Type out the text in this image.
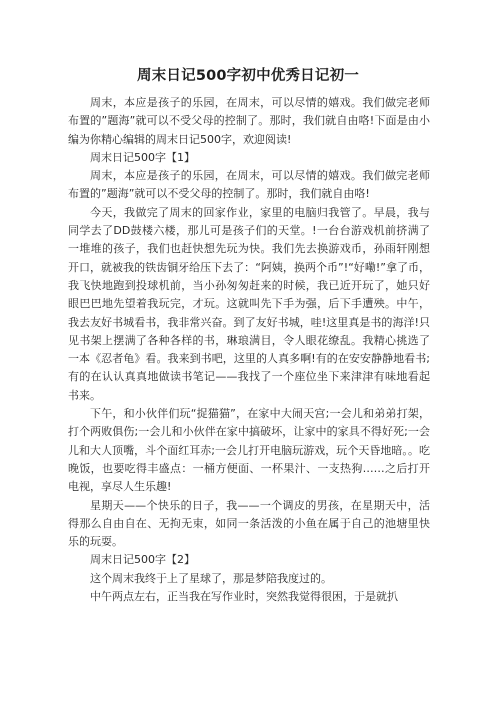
周末日记500字初中优秀日记初一

周末，本应是孩子的乐园，在周末，可以尽情的嬉戏。我们做完老师布置的”题海”就可以不受父母的控制了。那时，我们就自由咯!下面是由小编为你精心编辑的周末日记500字，欢迎阅读!

周末日记500字【1】

周末，本应是孩子的乐园，在周末，可以尽情的嬉戏。我们做完老师布置的”题海”就可以不受父母的控制了。那时，我们就自由咯!

今天，我做完了周末的回家作业，家里的电脑归我管了。早晨，我与同学去了DD鼓楼六楼，那儿可是孩子们的天堂。!一台台游戏机前挤满了一堆堆的孩子，我们也赶快想先玩为快。我们先去换游戏币，孙雨轩刚想开口，就被我的铁齿铜牙给压下去了：“阿姨，换两个币”!“好嘞!”拿了币，我飞快地跑到投球机前，当小孙匆匆赶来的时候，我已近开玩了，她只好眼巴巴地先望着我玩完，才玩。这就叫先下手为强，后下手遭殃。中午，我去友好书城看书，我非常兴奋。到了友好书城，哇!这里真是书的海洋!只见书架上摆满了各种各样的书，琳琅满目，令人眼花缭乱。我精心挑选了一本《忍者龟》看。我来到书吧，这里的人真多啊!有的在安安静静地看书;有的在认认真真地做读书笔记——我找了一个座位坐下来津津有味地看起书来。

下午，和小伙伴们玩“捉猫猫”，在家中大闹天宫;一会儿和弟弟打架，打个两败俱伤;一会儿和小伙伴在家中搞破坏，让家中的家具不得好死;一会儿和大人顶嘴，斗个面红耳赤;一会儿打开电脑玩游戏，玩个天昏地暗。。吃晚饭，也要吃得丰盛点：一桶方便面、一杯果汁、一支热狗……之后打开电视，享尽人生乐趣!

星期天——个快乐的日子，我——一个调皮的男孩，在星期天中，活得那么自由自在、无拘无束，如同一条活泼的小鱼在属于自己的池塘里快乐的玩耍。

周末日记500字【2】

这个周末我终于上了星球了，那是梦陪我度过的。

中午两点左右，正当我在写作业时，突然我觉得很困，于是就扒
